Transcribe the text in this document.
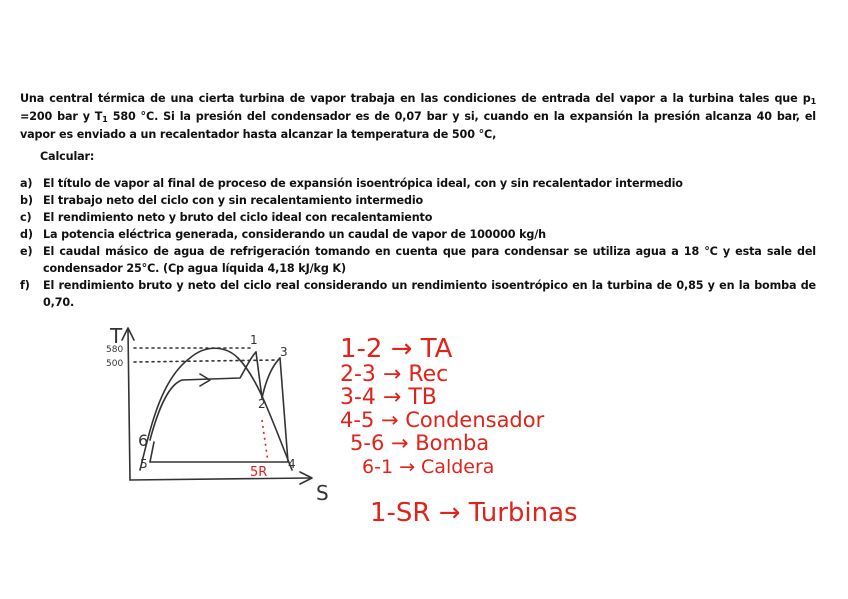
Una central térmica de una cierta turbina de vapor trabaja en las condiciones de entrada del vapor a la turbina tales que $p_1 =200$ bar y $T_1$ 580 °C. Si la presión del condensador es de 0,07 bar y si, cuando en la expansión la presión alcanza 40 bar, el vapor es enviado a un recalentador hasta alcanzar la temperatura de 500 °C,

Calcular:
a) El título de vapor al final de proceso de expansión isoentrópica ideal, con y sin recalentador intermedio
b) El trabajo neto del ciclo con y sin recalentamiento intermedio
c) El rendimiento neto y bruto del ciclo ideal con recalentamiento
d) La potencia eléctrica generada, considerando un caudal de vapor de 100000 kg/h
e) El caudal másico de agua de refrigeración tomando en cuenta que para condensar se utiliza agua a 18 °C y esta sale del condensador 25°C. (Cp agua líquida 4,18 kJ/kg K)
f) El rendimiento bruto y neto del ciclo real considerando un rendimiento isoentrópico en la turbina de 0,85 y en la bomba de 0,70.
T
S
580
500
1
2
3
4
5
6
5R
1-2 → TA
2-3 → Rec
3-4 → TB
4-5 → Condensador
5-6 → Bomba
6-1 → Caldera
1-SR → Turbinas
